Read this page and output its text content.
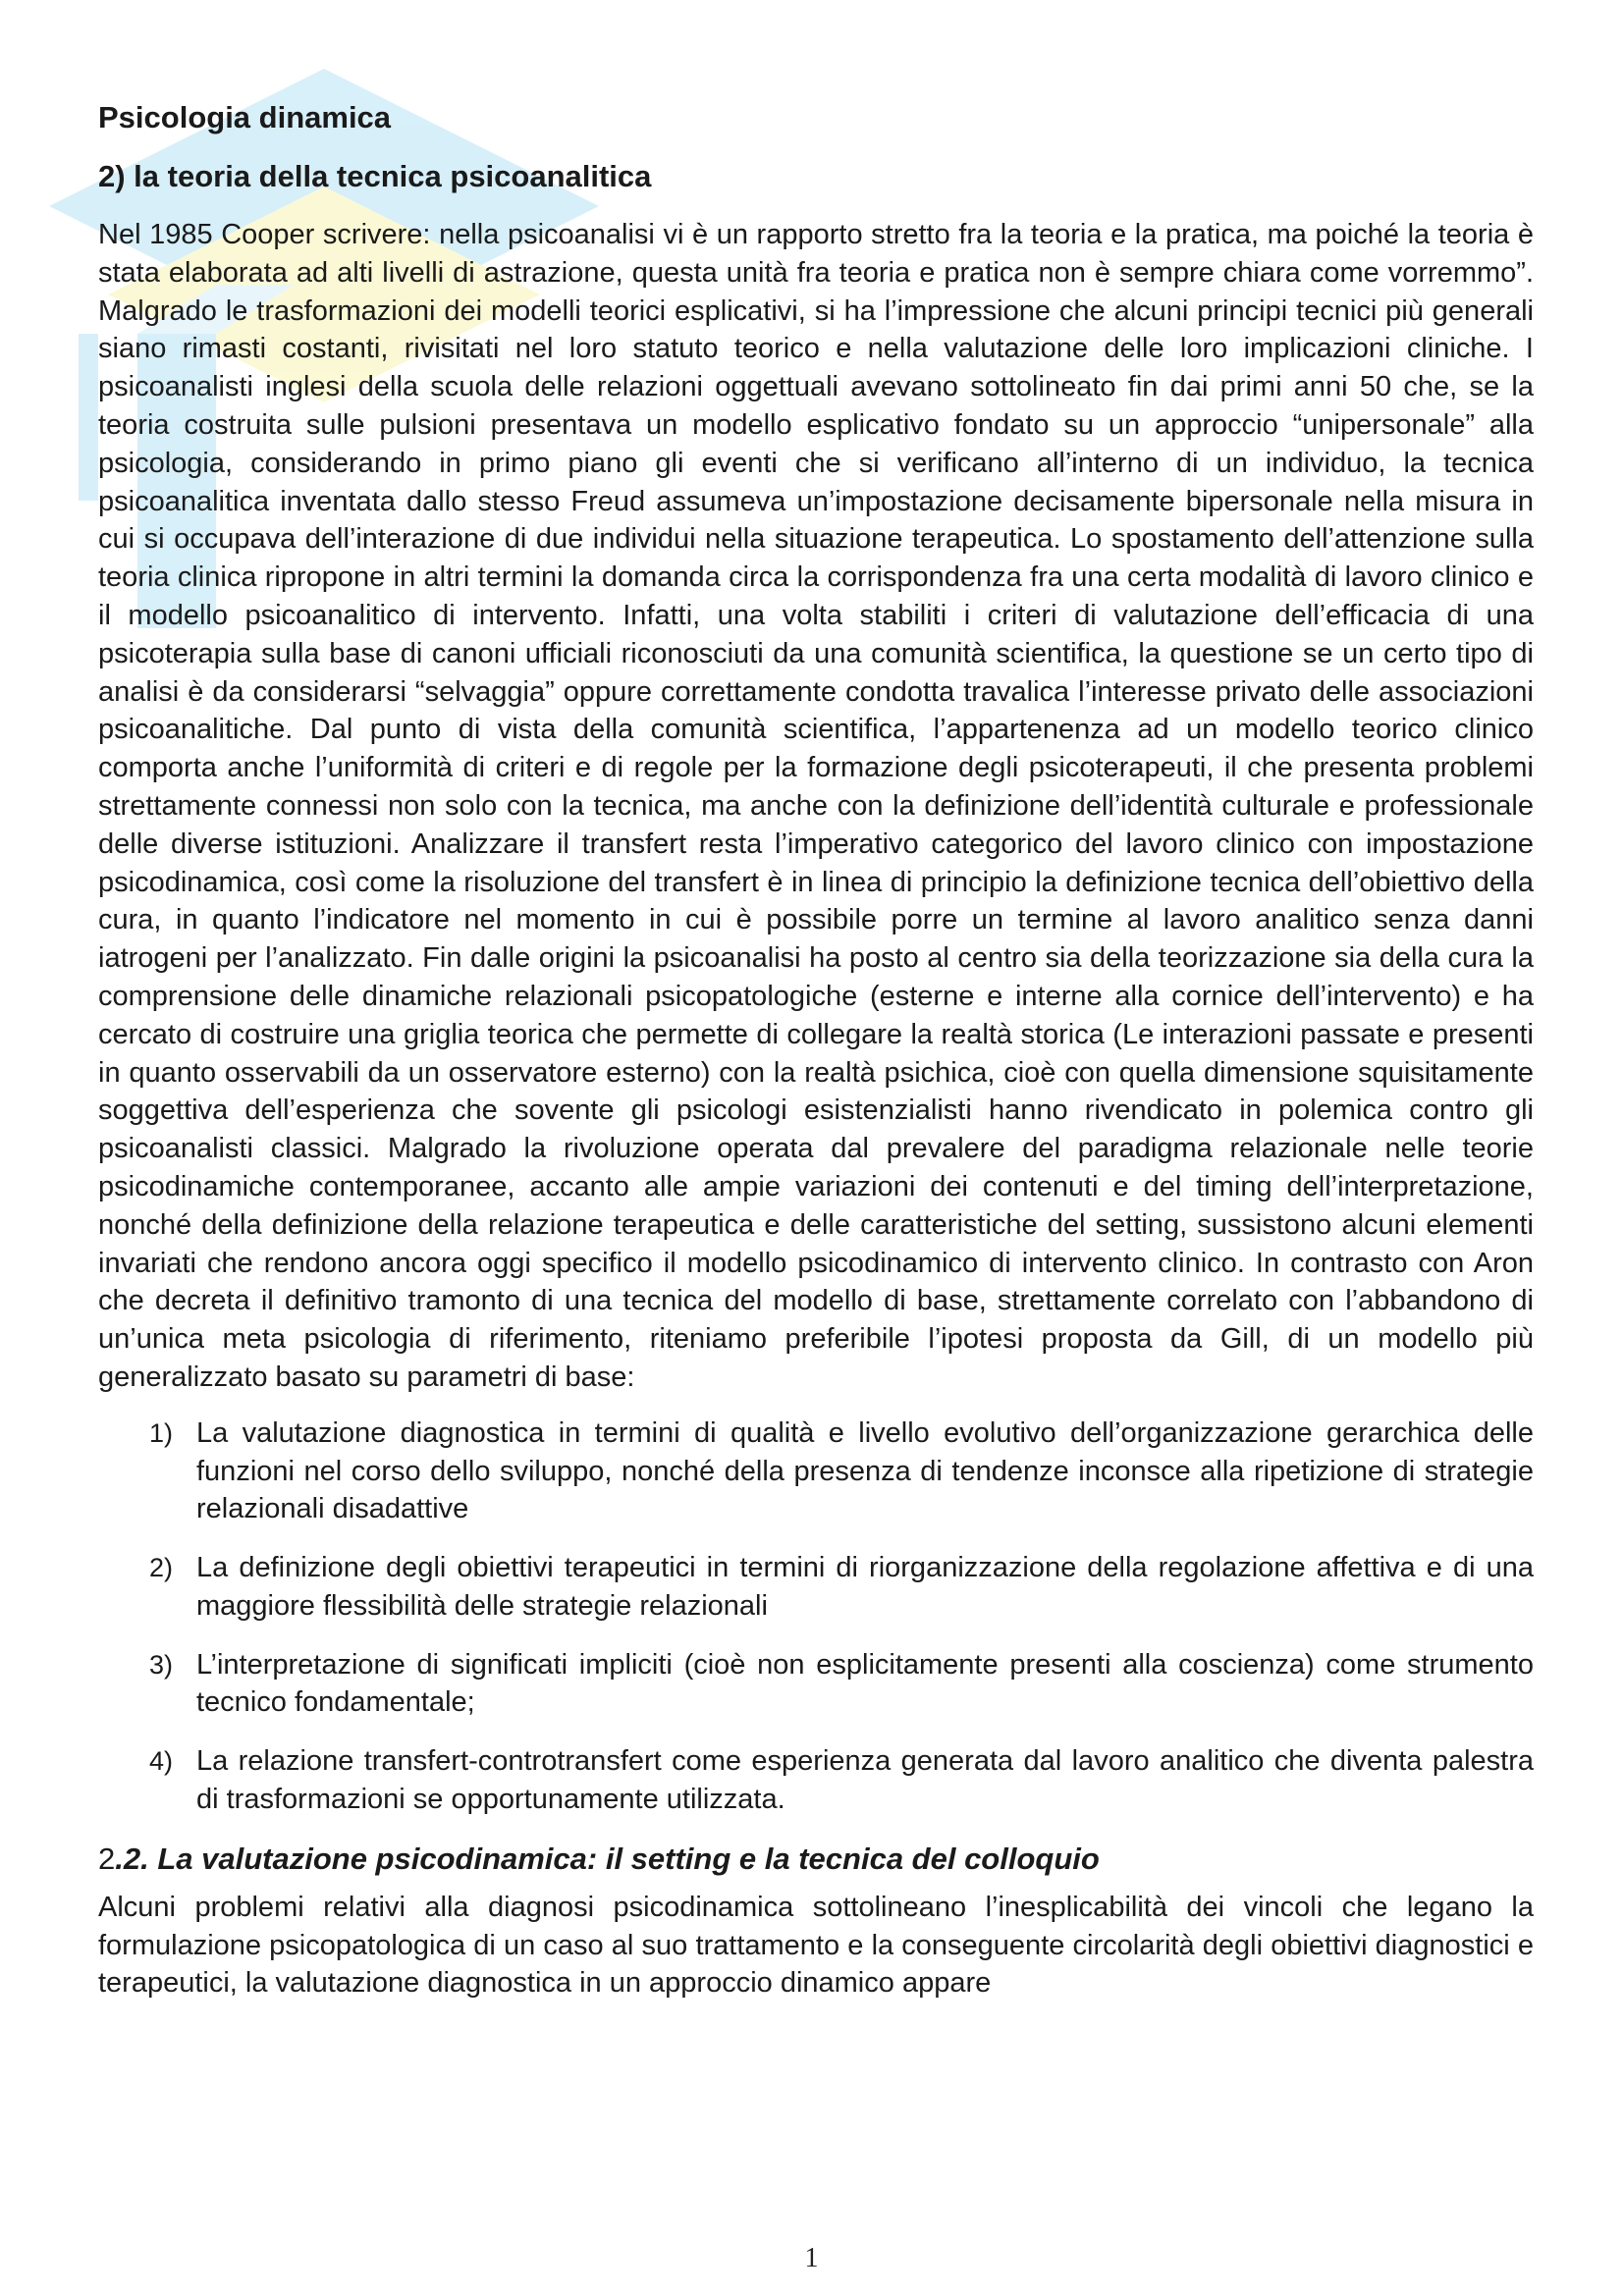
Psicologia dinamica
2) la teoria della tecnica psicoanalitica

Nel 1985 Cooper scrivere: nella psicoanalisi vi è un rapporto stretto fra la teoria e la pratica, ma poiché la teoria è stata elaborata ad alti livelli di astrazione, questa unità fra teoria e pratica non è sempre chiara come vorremmo”. Malgrado le trasformazioni dei modelli teorici esplicativi, si ha l’impressione che alcuni principi tecnici più generali siano rimasti costanti, rivisitati nel loro statuto teorico e nella valutazione delle loro implicazioni cliniche. I psicoanalisti inglesi della scuola delle relazioni oggettuali avevano sottolineato fin dai primi anni 50 che, se la teoria costruita sulle pulsioni presentava un modello esplicativo fondato su un approccio “unipersonale” alla psicologia, considerando in primo piano gli eventi che si verificano all’interno di un individuo, la tecnica psicoanalitica inventata dallo stesso Freud assumeva un’impostazione decisamente bipersonale nella misura in cui si occupava dell’interazione di due individui nella situazione terapeutica. Lo spostamento dell’attenzione sulla teoria clinica ripropone in altri termini la domanda circa la corrispondenza fra una certa modalità di lavoro clinico e il modello psicoanalitico di intervento. Infatti, una volta stabiliti i criteri di valutazione dell’efficacia di una psicoterapia sulla base di canoni ufficiali riconosciuti da una comunità scientifica, la questione se un certo tipo di analisi è da considerarsi “selvaggia” oppure correttamente condotta travalica l’interesse privato delle associazioni psicoanalitiche. Dal punto di vista della comunità scientifica, l’appartenenza ad un modello teorico clinico comporta anche l’uniformità di criteri e di regole per la formazione degli psicoterapeuti, il che presenta problemi strettamente connessi non solo con la tecnica, ma anche con la definizione dell’identità culturale e professionale delle diverse istituzioni. Analizzare il transfert resta l’imperativo categorico del lavoro clinico con impostazione psicodinamica, così come la risoluzione del transfert è in linea di principio la definizione tecnica dell’obiettivo della cura, in quanto l’indicatore nel momento in cui è possibile porre un termine al lavoro analitico senza danni iatrogeni per l’analizzato. Fin dalle origini la psicoanalisi ha posto al centro sia della teorizzazione sia della cura la comprensione delle dinamiche relazionali psicopatologiche (esterne e interne alla cornice dell’intervento) e ha cercato di costruire una griglia teorica che permette di collegare la realtà storica (Le interazioni passate e presenti in quanto osservabili da un osservatore esterno) con la realtà psichica, cioè con quella dimensione squisitamente soggettiva dell’esperienza che sovente gli psicologi esistenzialisti hanno rivendicato in polemica contro gli psicoanalisti classici. Malgrado la rivoluzione operata dal prevalere del paradigma relazionale nelle teorie psicodinamiche contemporanee, accanto alle ampie variazioni dei contenuti e del timing dell’interpretazione, nonché della definizione della relazione terapeutica e delle caratteristiche del setting, sussistono alcuni elementi invariati che rendono ancora oggi specifico il modello psicodinamico di intervento clinico. In contrasto con Aron che decreta il definitivo tramonto di una tecnica del modello di base, strettamente correlato con l’abbandono di un’unica meta psicologia di riferimento, riteniamo preferibile l’ipotesi proposta da Gill, di un modello più generalizzato basato su parametri di base:

1) La valutazione diagnostica in termini di qualità e livello evolutivo dell’organizzazione gerarchica delle funzioni nel corso dello sviluppo, nonché della presenza di tendenze inconsce alla ripetizione di strategie relazionali disadattive
2) La definizione degli obiettivi terapeutici in termini di riorganizzazione della regolazione affettiva e di una maggiore flessibilità delle strategie relazionali
3) L’interpretazione di significati impliciti (cioè non esplicitamente presenti alla coscienza) come strumento tecnico fondamentale;
4) La relazione transfert-controtransfert come esperienza generata dal lavoro analitico che diventa palestra di trasformazioni se opportunamente utilizzata.
2.2. La valutazione psicodinamica: il setting e la tecnica del colloquio

Alcuni problemi relativi alla diagnosi psicodinamica sottolineano l’inesplicabilità dei vincoli che legano la formulazione psicopatologica di un caso al suo trattamento e la conseguente circolarità degli obiettivi diagnostici e terapeutici, la valutazione diagnostica in un approccio dinamico appare

1
